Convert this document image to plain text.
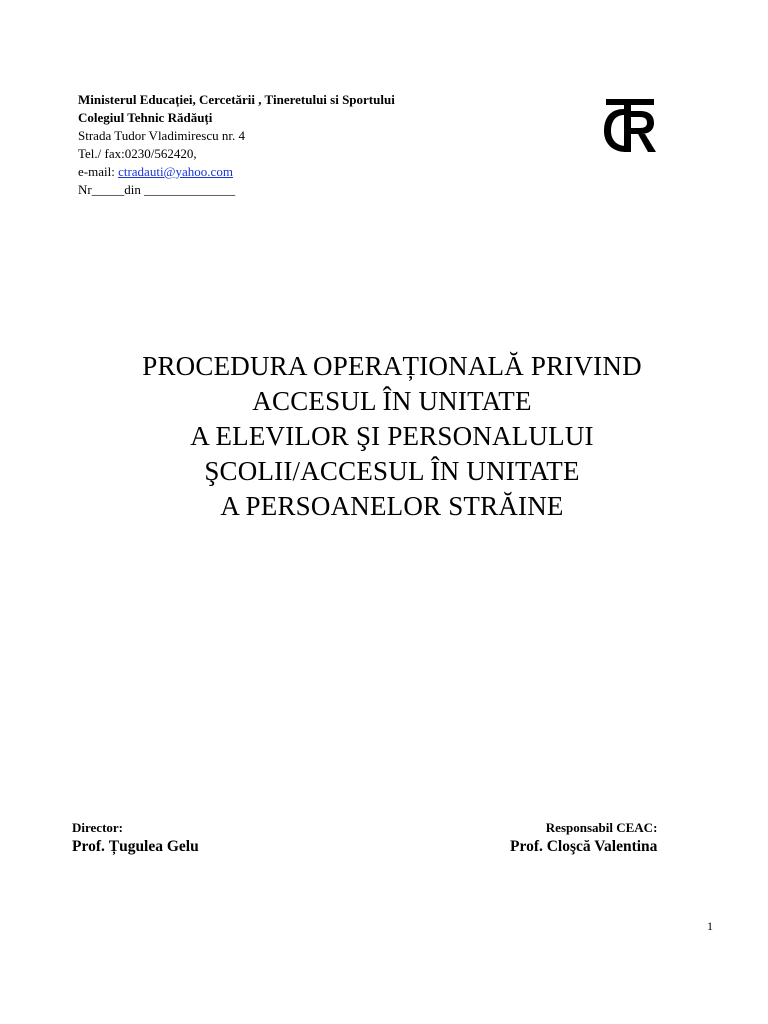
Ministerul Educației, Cercetării , Tineretului si Sportului
Colegiul Tehnic Rădăuți
Strada Tudor Vladimirescu nr. 4
Tel./ fax:0230/562420,
e-mail: ctradauti@yahoo.com
Nr_____din ______________
PROCEDURA OPERAȚIONALĂ PRIVIND
ACCESUL ÎN UNITATE
A ELEVILOR ŞI PERSONALULUI
ŞCOLII/ACCESUL ÎN UNITATE
A PERSOANELOR STRĂINE
Director:
Prof. Țugulea Gelu
Responsabil CEAC:
Prof. Cloşcă Valentina
1
